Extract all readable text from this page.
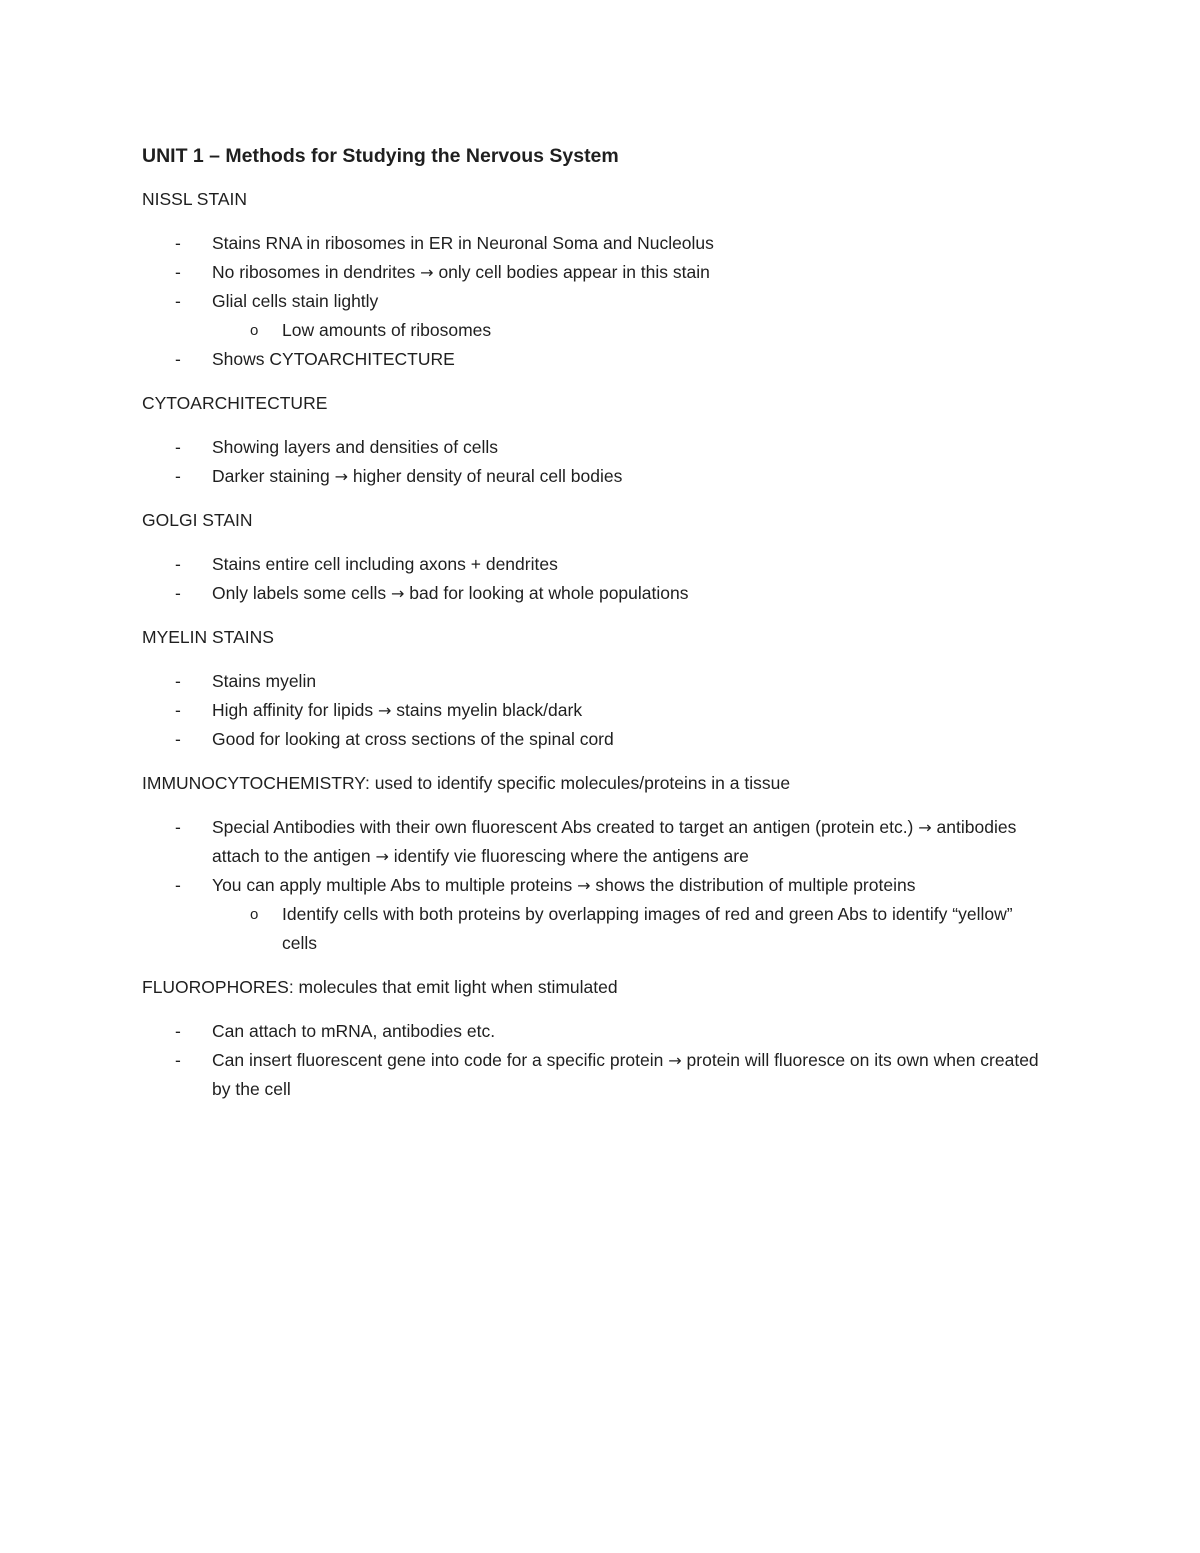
UNIT 1 – Methods for Studying the Nervous System
NISSL STAIN
- Stains RNA in ribosomes in ER in Neuronal Soma and Nucleolus
- No ribosomes in dendrites → only cell bodies appear in this stain
- Glial cells stain lightly
o Low amounts of ribosomes
- Shows CYTOARCHITECTURE
CYTOARCHITECTURE
- Showing layers and densities of cells
- Darker staining → higher density of neural cell bodies
GOLGI STAIN
- Stains entire cell including axons + dendrites
- Only labels some cells → bad for looking at whole populations
MYELIN STAINS
- Stains myelin
- High affinity for lipids → stains myelin black/dark
- Good for looking at cross sections of the spinal cord
IMMUNOCYTOCHEMISTRY: used to identify specific molecules/proteins in a tissue
- Special Antibodies with their own fluorescent Abs created to target an antigen (protein etc.) → antibodies attach to the antigen → identify vie fluorescing where the antigens are
- You can apply multiple Abs to multiple proteins → shows the distribution of multiple proteins
o Identify cells with both proteins by overlapping images of red and green Abs to identify “yellow” cells
FLUOROPHORES: molecules that emit light when stimulated
- Can attach to mRNA, antibodies etc.
- Can insert fluorescent gene into code for a specific protein → protein will fluoresce on its own when created by the cell
